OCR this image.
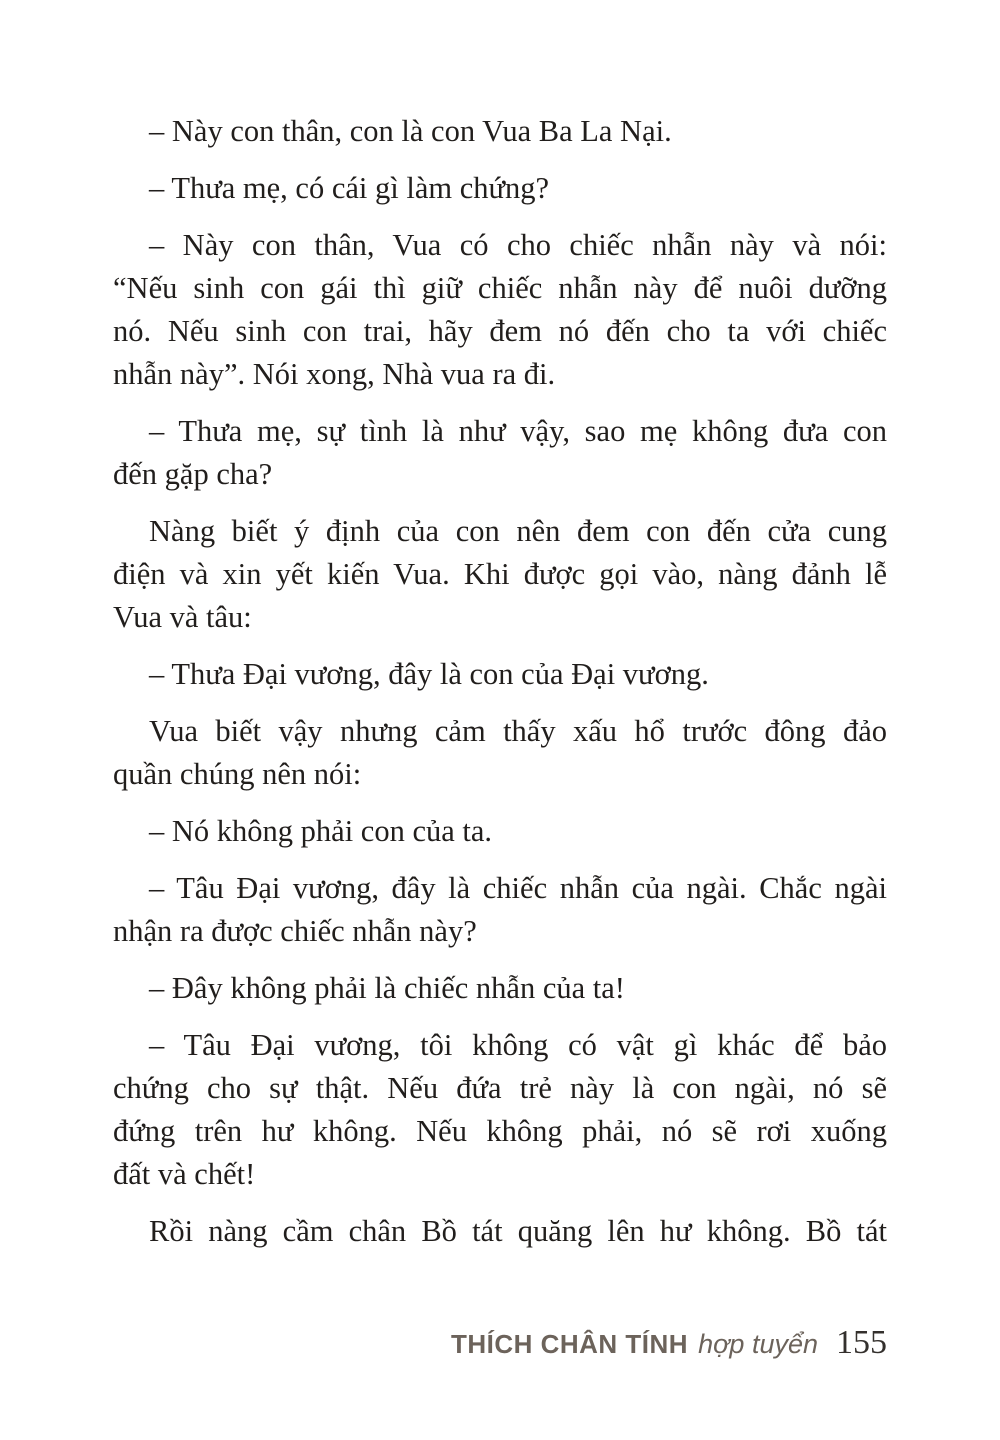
– Này con thân, con là con Vua Ba La Nại.
– Thưa mẹ, có cái gì làm chứng?
– Này con thân, Vua có cho chiếc nhẫn này và nói:
“Nếu sinh con gái thì giữ chiếc nhẫn này để nuôi dưỡng
nó. Nếu sinh con trai, hãy đem nó đến cho ta với chiếc
nhẫn này”. Nói xong, Nhà vua ra đi.
– Thưa mẹ, sự tình là như vậy, sao mẹ không đưa con
đến gặp cha?
Nàng biết ý định của con nên đem con đến cửa cung
điện và xin yết kiến Vua. Khi được gọi vào, nàng đảnh lễ
Vua và tâu:
– Thưa Đại vương, đây là con của Đại vương.
Vua biết vậy nhưng cảm thấy xấu hổ trước đông đảo
quần chúng nên nói:
– Nó không phải con của ta.
– Tâu Đại vương, đây là chiếc nhẫn của ngài. Chắc ngài
nhận ra được chiếc nhẫn này?
– Đây không phải là chiếc nhẫn của ta!
– Tâu Đại vương, tôi không có vật gì khác để bảo
chứng cho sự thật. Nếu đứa trẻ này là con ngài, nó sẽ
đứng trên hư không. Nếu không phải, nó sẽ rơi xuống
đất và chết!
Rồi nàng cầm chân Bồ tát quăng lên hư không. Bồ tát
THÍCH CHÂN TÍNH hợp tuyển 155
